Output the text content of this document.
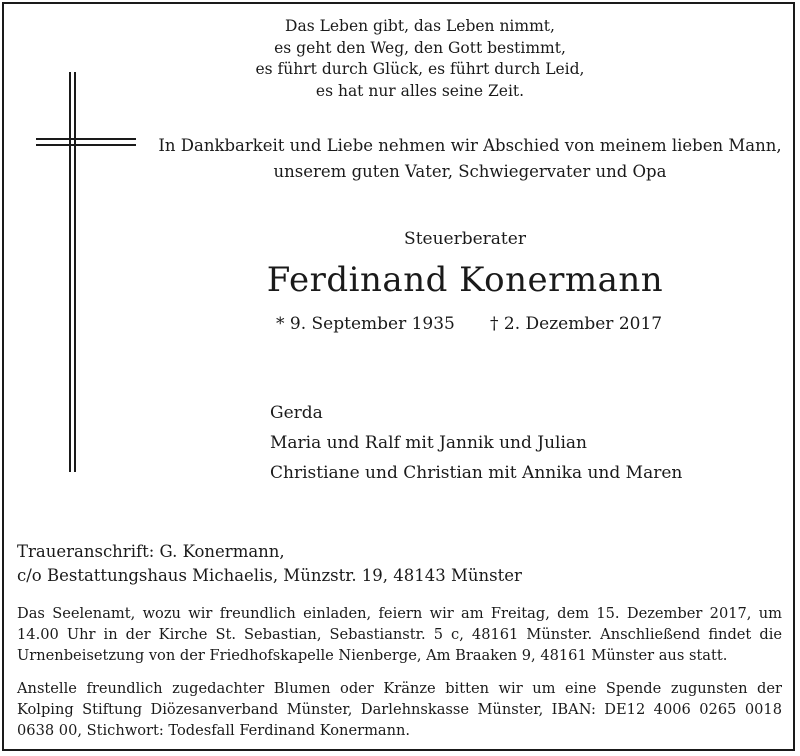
Das Leben gibt, das Leben nimmt,
es geht den Weg, den Gott bestimmt,
es führt durch Glück, es führt durch Leid,
es hat nur alles seine Zeit.
In Dankbarkeit und Liebe nehmen wir Abschied von meinem lieben Mann,
unserem guten Vater, Schwiegervater und Opa
Steuerberater
Ferdinand Konermann
* 9. September 1935 † 2. Dezember 2017
Gerda
Maria und Ralf mit Jannik und Julian
Christiane und Christian mit Annika und Maren
Traueranschrift: G. Konermann,
c/o Bestattungshaus Michaelis, Münzstr. 19, 48143 Münster
Das Seelenamt, wozu wir freundlich einladen, feiern wir am Freitag, dem 15. Dezember 2017, um 14.00 Uhr in der Kirche St. Sebastian, Sebastianstr. 5 c, 48161 Münster. Anschließend findet die Urnenbeisetzung von der Friedhofskapelle Nienberge, Am Braaken 9, 48161 Münster aus statt.
Anstelle freundlich zugedachter Blumen oder Kränze bitten wir um eine Spende zugunsten der Kolping Stiftung Diözesanverband Münster, Darlehnskasse Münster, IBAN: DE12 4006 0265 0018 0638 00, Stichwort: Todesfall Ferdinand Konermann.
